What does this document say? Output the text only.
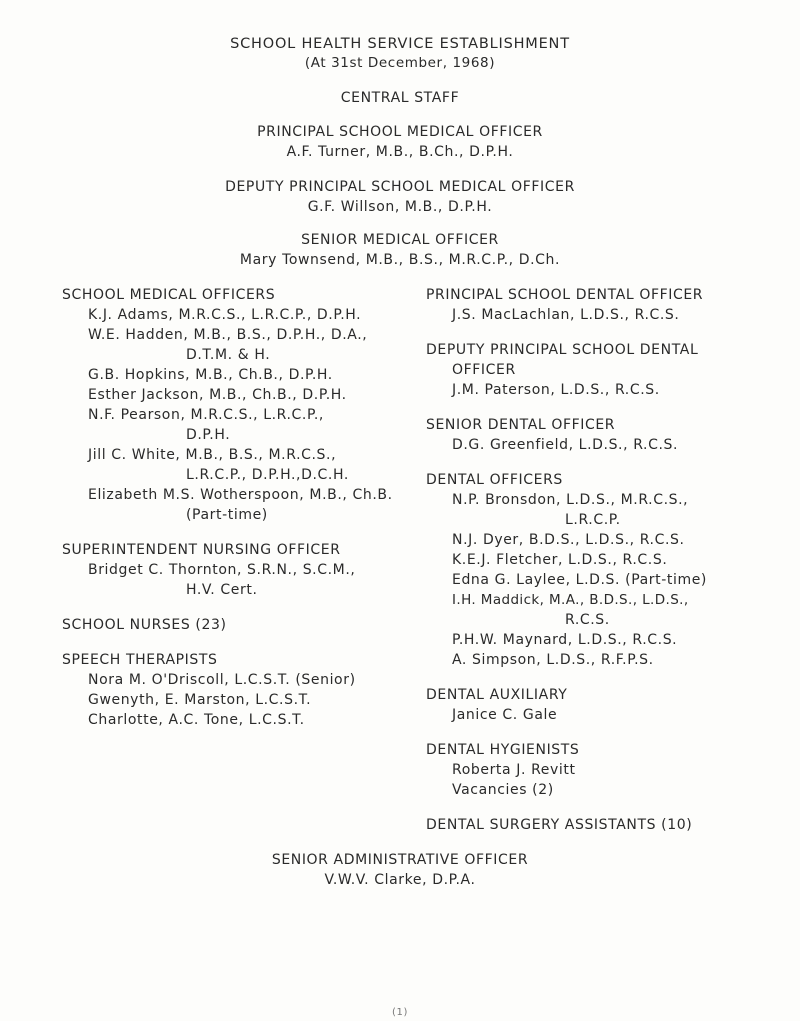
SCHOOL HEALTH SERVICE ESTABLISHMENT
(At 31st December, 1968)
CENTRAL STAFF
PRINCIPAL SCHOOL MEDICAL OFFICER
A.F. Turner, M.B., B.Ch., D.P.H.
DEPUTY PRINCIPAL SCHOOL MEDICAL OFFICER
G.F. Willson, M.B., D.P.H.
SENIOR MEDICAL OFFICER
Mary Townsend, M.B., B.S., M.R.C.P., D.Ch.
SCHOOL MEDICAL OFFICERS
K.J. Adams, M.R.C.S., L.R.C.P., D.P.H.
W.E. Hadden, M.B., B.S., D.P.H., D.A.,
D.T.M. & H.
G.B. Hopkins, M.B., Ch.B., D.P.H.
Esther Jackson, M.B., Ch.B., D.P.H.
N.F. Pearson, M.R.C.S., L.R.C.P.,
D.P.H.
Jill C. White, M.B., B.S., M.R.C.S.,
L.R.C.P., D.P.H.,D.C.H.
Elizabeth M.S. Wotherspoon, M.B., Ch.B.
(Part-time)
SUPERINTENDENT NURSING OFFICER
Bridget C. Thornton, S.R.N., S.C.M.,
H.V. Cert.
SCHOOL NURSES (23)
SPEECH THERAPISTS
Nora M. O'Driscoll, L.C.S.T. (Senior)
Gwenyth, E. Marston, L.C.S.T.
Charlotte, A.C. Tone, L.C.S.T.
PRINCIPAL SCHOOL DENTAL OFFICER
J.S. MacLachlan, L.D.S., R.C.S.
DEPUTY PRINCIPAL SCHOOL DENTAL
OFFICER
J.M. Paterson, L.D.S., R.C.S.
SENIOR DENTAL OFFICER
D.G. Greenfield, L.D.S., R.C.S.
DENTAL OFFICERS
N.P. Bronsdon, L.D.S., M.R.C.S.,
L.R.C.P.
N.J. Dyer, B.D.S., L.D.S., R.C.S.
K.E.J. Fletcher, L.D.S., R.C.S.
Edna G. Laylee, L.D.S. (Part-time)
I.H. Maddick, M.A., B.D.S., L.D.S.,
R.C.S.
P.H.W. Maynard, L.D.S., R.C.S.
A. Simpson, L.D.S., R.F.P.S.
DENTAL AUXILIARY
Janice C. Gale
DENTAL HYGIENISTS
Roberta J. Revitt
Vacancies (2)
DENTAL SURGERY ASSISTANTS (10)
SENIOR ADMINISTRATIVE OFFICER
V.W.V. Clarke, D.P.A.
(1)
